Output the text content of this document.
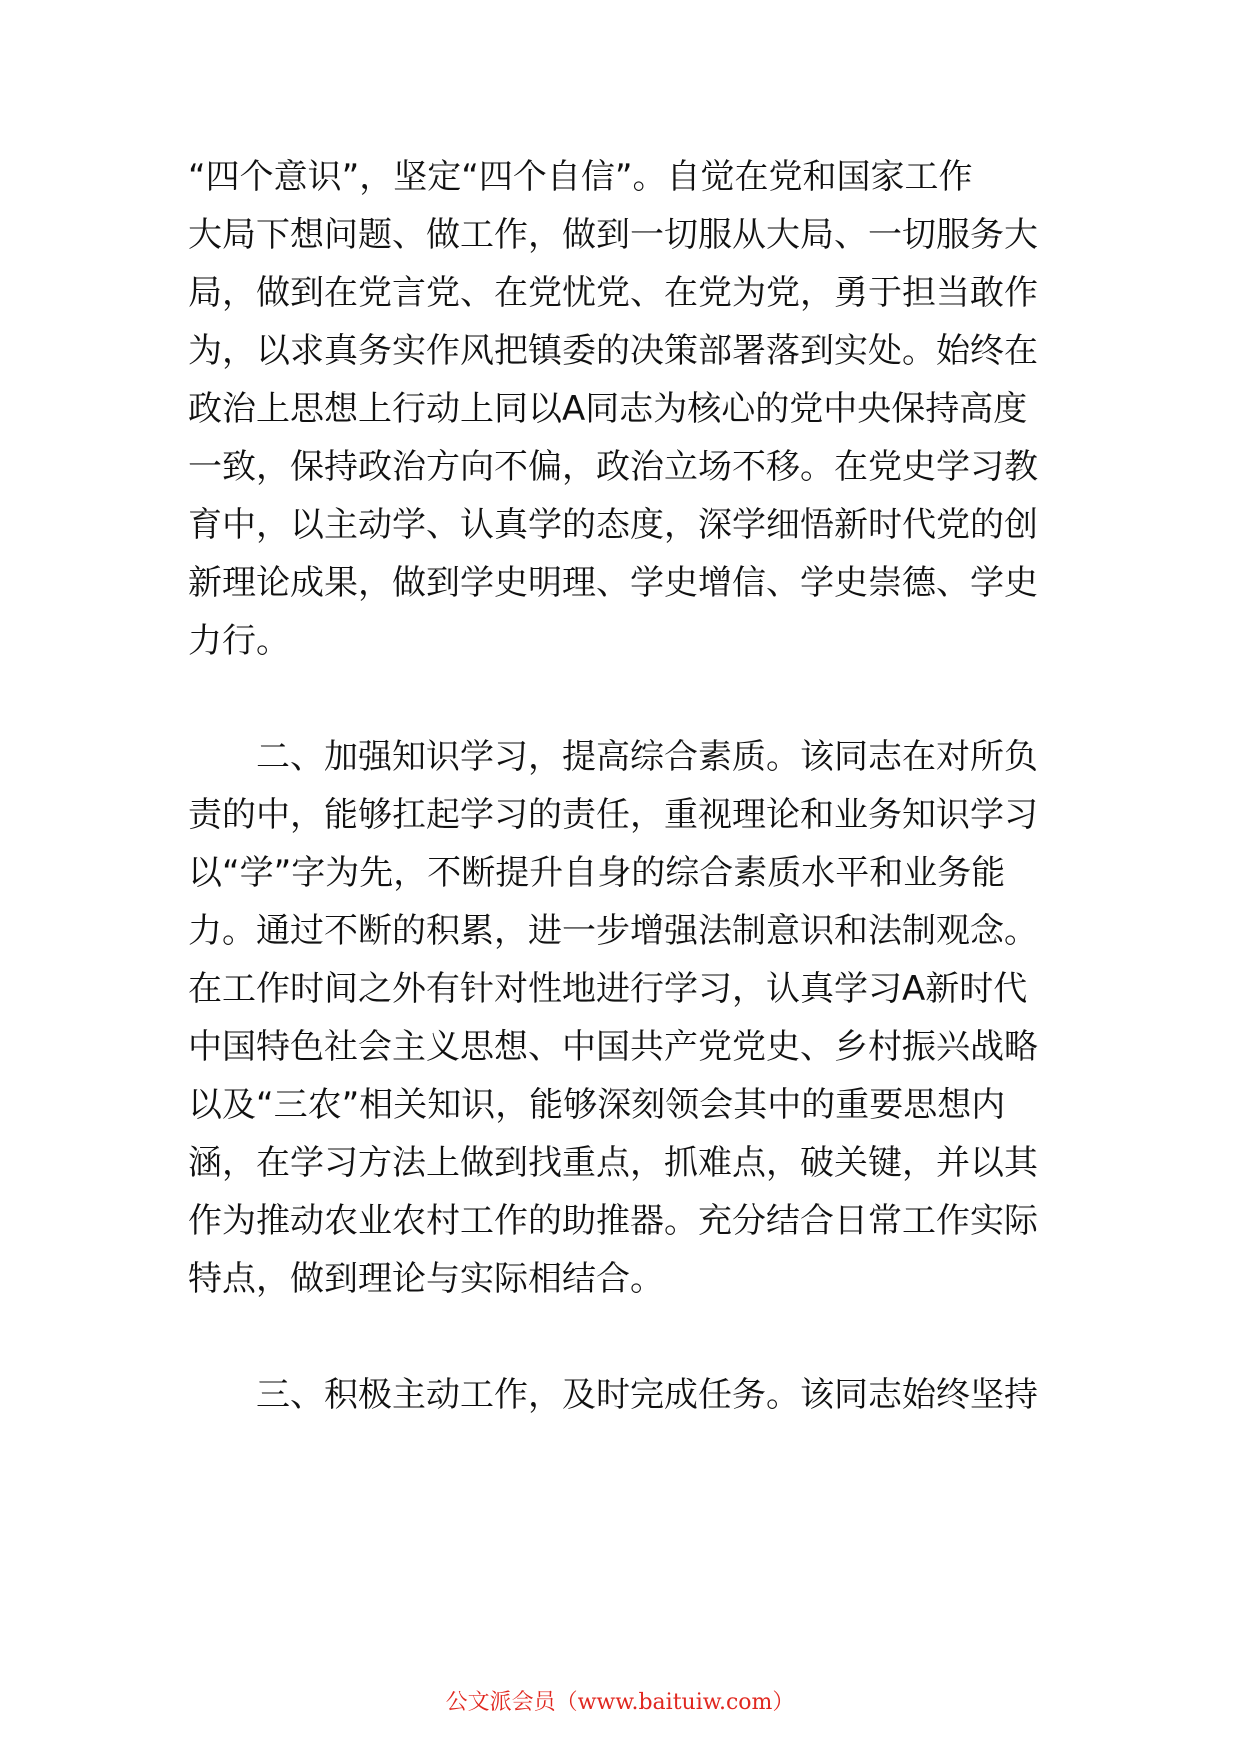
“四个意识”，坚定“四个自信”。自觉在党和国家工作
大局下想问题、做工作，做到一切服从大局、一切服务大
局，做到在党言党、在党忧党、在党为党，勇于担当敢作
为，以求真务实作风把镇委的决策部署落到实处。始终在
政治上思想上行动上同以A同志为核心的党中央保持高度
一致，保持政治方向不偏，政治立场不移。在党史学习教
育中，以主动学、认真学的态度，深学细悟新时代党的创
新理论成果，做到学史明理、学史增信、学史崇德、学史
力行。
二、加强知识学习，提高综合素质。该同志在对所负
责的中，能够扛起学习的责任，重视理论和业务知识学习
以“学”字为先，不断提升自身的综合素质水平和业务能
力。通过不断的积累，进一步增强法制意识和法制观念。
在工作时间之外有针对性地进行学习，认真学习A新时代
中国特色社会主义思想、中国共产党党史、乡村振兴战略
以及“三农”相关知识，能够深刻领会其中的重要思想内
涵，在学习方法上做到找重点，抓难点，破关键，并以其
作为推动农业农村工作的助推器。充分结合日常工作实际
特点，做到理论与实际相结合。
三、积极主动工作，及时完成任务。该同志始终坚持
公文派会员（www.baituiw.com）
